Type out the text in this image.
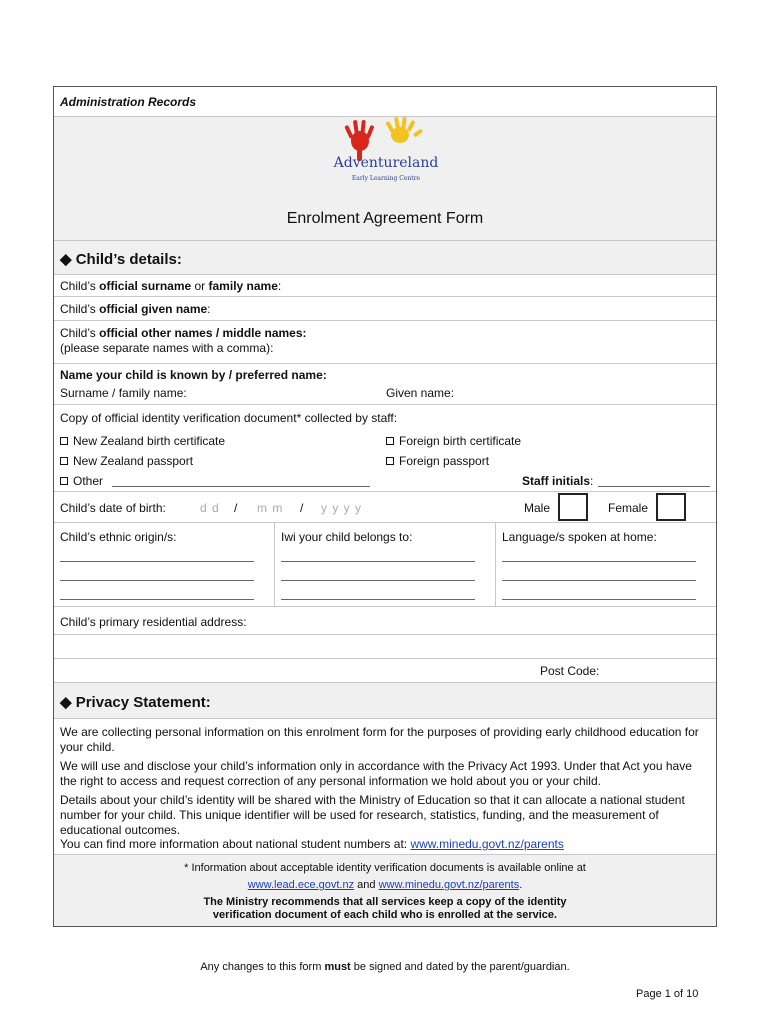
Administration Records
Adventureland
Early Learning Centre
Enrolment Agreement Form
◆ Child’s details:
Child’s official surname or family name:
Child’s official given name:
Child’s official other names / middle names:
(please separate names with a comma):
Name your child is known by / preferred name:
Surname / family name:	Given name:
Copy of official identity verification document* collected by staff:
New Zealand birth certificate	Foreign birth certificate
New Zealand passport	Foreign passport
Other	Staff initials:
Child’s date of birth:	d d / m m / y y y y	Male	Female
Child’s ethnic origin/s:	Iwi your child belongs to:	Language/s spoken at home:
Child’s primary residential address:
Post Code:
◆ Privacy Statement:
We are collecting personal information on this enrolment form for the purposes of providing early childhood education for your child.
We will use and disclose your child’s information only in accordance with the Privacy Act 1993. Under that Act you have the right to access and request correction of any personal information we hold about you or your child.
Details about your child’s identity will be shared with the Ministry of Education so that it can allocate a national student number for your child. This unique identifier will be used for research, statistics, funding, and the measurement of educational outcomes.
You can find more information about national student numbers at: www.minedu.govt.nz/parents
* Information about acceptable identity verification documents is available online at
www.lead.ece.govt.nz and www.minedu.govt.nz/parents.
The Ministry recommends that all services keep a copy of the identity
verification document of each child who is enrolled at the service.
Any changes to this form must be signed and dated by the parent/guardian.
Page 1 of 10
